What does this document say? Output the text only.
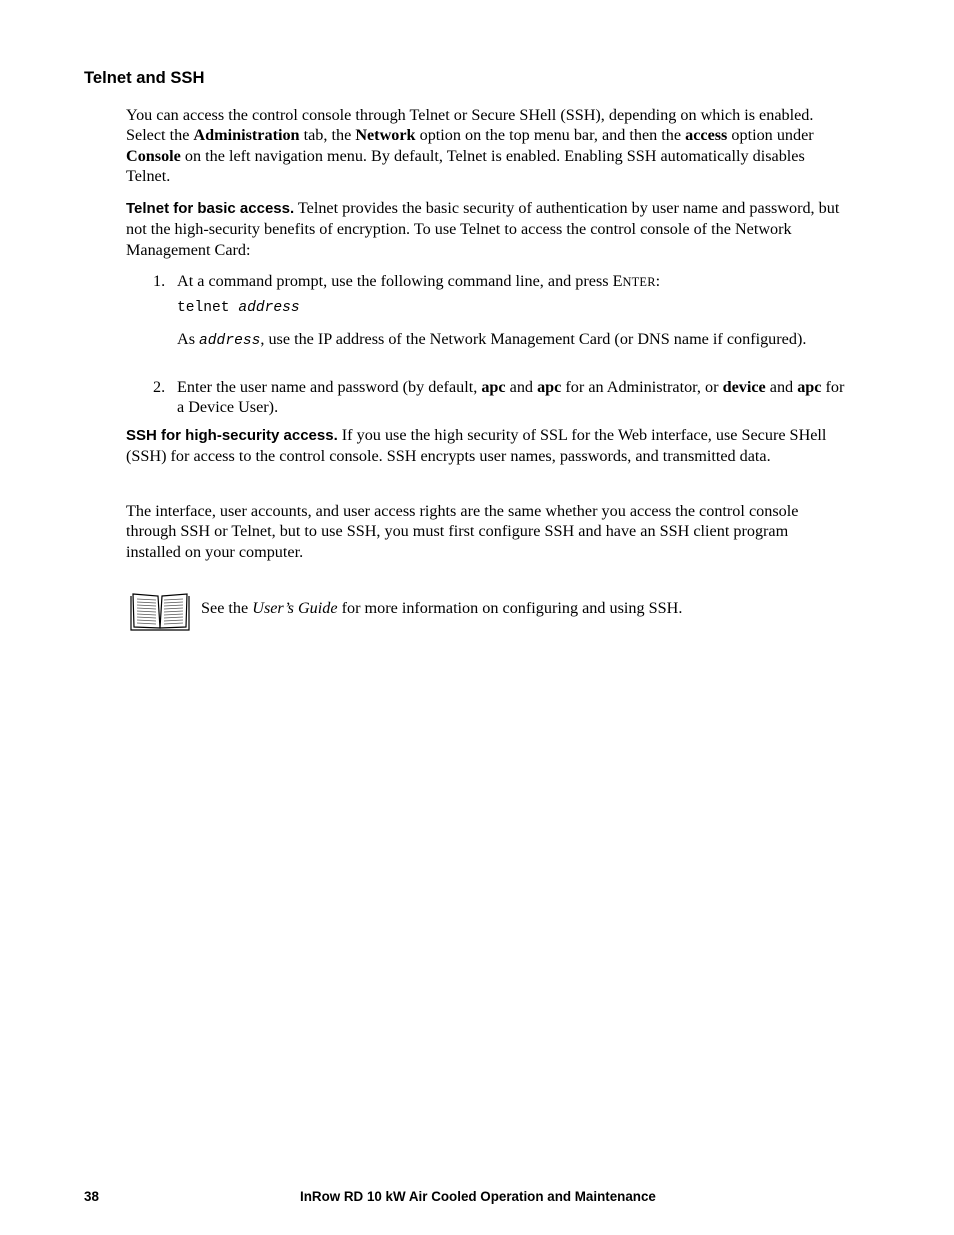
Telnet and SSH

You can access the control console through Telnet or Secure SHell (SSH), depending on which is enabled. Select the Administration tab, the Network option on the top menu bar, and then the access option under Console on the left navigation menu. By default, Telnet is enabled. Enabling SSH automatically disables Telnet.

Telnet for basic access. Telnet provides the basic security of authentication by user name and password, but not the high-security benefits of encryption. To use Telnet to access the control console of the Network Management Card:

1. At a command prompt, use the following command line, and press ENTER:

telnet address

As address, use the IP address of the Network Management Card (or DNS name if configured).

2. Enter the user name and password (by default, apc and apc for an Administrator, or device and apc for a Device User).

SSH for high-security access. If you use the high security of SSL for the Web interface, use Secure SHell (SSH) for access to the control console. SSH encrypts user names, passwords, and transmitted data.

The interface, user accounts, and user access rights are the same whether you access the control console through SSH or Telnet, but to use SSH, you must first configure SSH and have an SSH client program installed on your computer.

See the User’s Guide for more information on configuring and using SSH.

38	InRow RD 10 kW Air Cooled Operation and Maintenance
